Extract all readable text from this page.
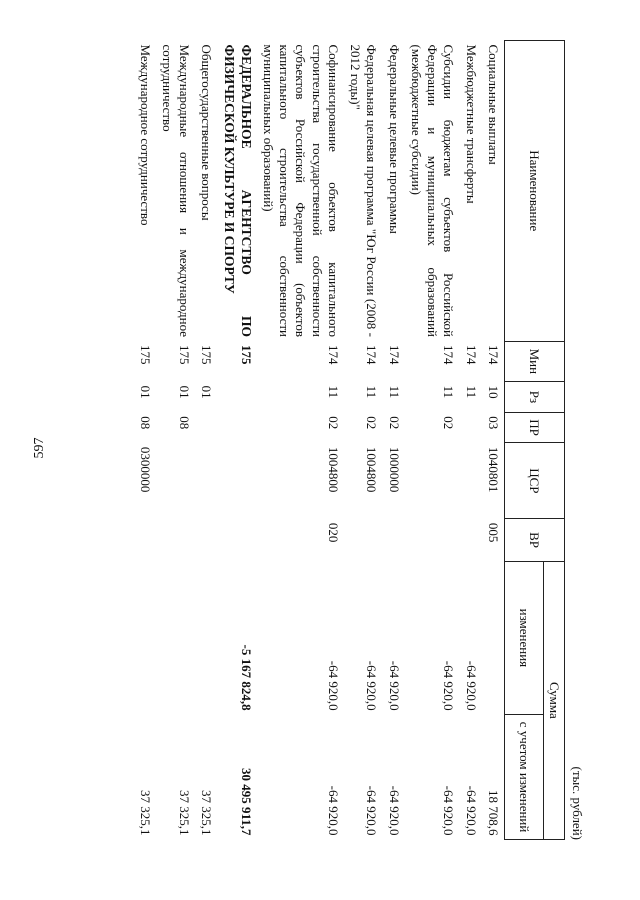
597
(тыс. рублей)
Наименование	Мин	Рз	ПР	ЦСР	ВР	Сумма	
						изменения	с учетом изменений
Социальные выплаты	174	10	03	1040801	005		18 708,6
Межбюджетные трансферты	174	11				-64 920,0	-64 920,0
Субсидии бюджетам субъектов Российской Федерации и муниципальных образований (межбюджетные субсидии)	174	11	02			-64 920,0	-64 920,0
Федеральные целевые программы	174	11	02	1000000		-64 920,0	-64 920,0
Федеральная целевая программа "Юг России (2008 - 2012 годы)"	174	11	02	1004800		-64 920,0	-64 920,0
Софинансирование объектов капитального строительства государственной собственности субъектов Российской Федерации (объектов капитального строительства собственности муниципальных образований)	174	11	02	1004800	020	-64 920,0	-64 920,0
ФЕДЕРАЛЬНОЕ АГЕНТСТВО ПО ФИЗИЧЕСКОЙ КУЛЬТУРЕ И СПОРТУ	175					-5 167 824,8	30 495 911,7
Общегосударственные вопросы	175	01					37 325,1
Международные отношения и международное сотрудничество	175	01	08				37 325,1
Международное сотрудничество	175	01	08	0300000			37 325,1
